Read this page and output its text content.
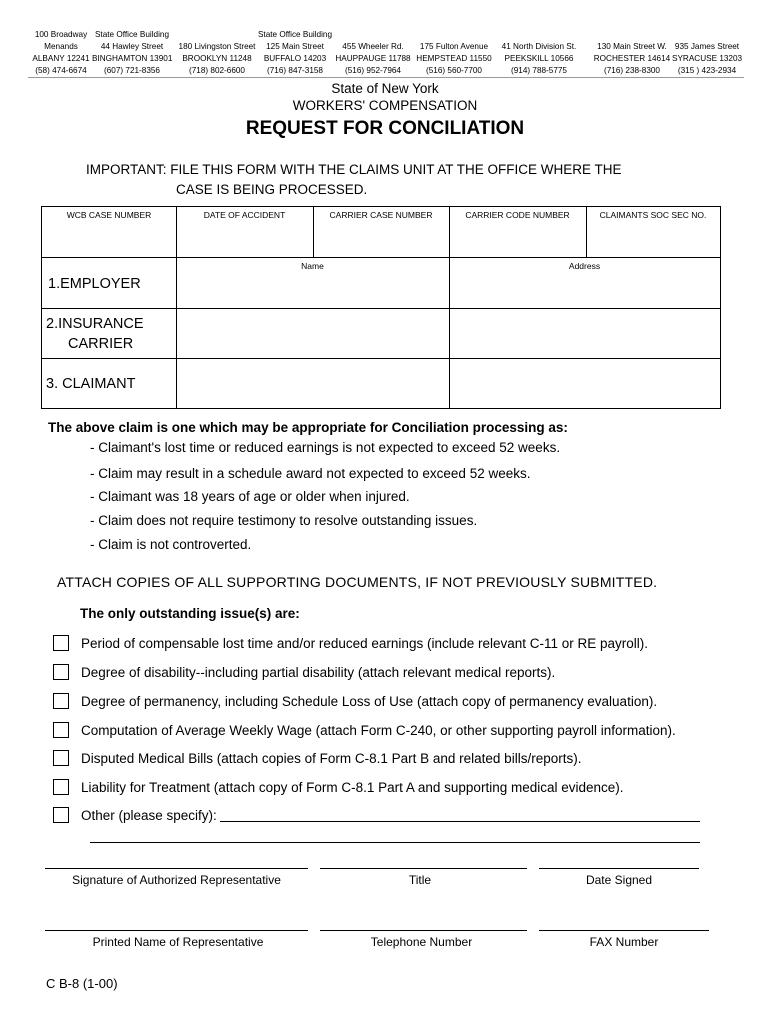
100 Broadway
Menands
ALBANY 12241
(58) 474-6674
State Office Building
44 Hawley Street
BINGHAMTON 13901
(607) 721-8356
180 Livingston Street
BROOKLYN 11248
(718) 802-6600
State Office Building
125 Main Street
BUFFALO 14203
(716) 847-3158
455 Wheeler Rd.
HAUPPAUGE 11788
(516) 952-7964
175 Fulton Avenue
HEMPSTEAD 11550
(516) 560-7700
41 North Division St.
PEEKSKILL 10566
(914) 788-5775
130 Main Street W.
ROCHESTER 14614
(716) 238-8300
935 James Street
SYRACUSE 13203
(315 ) 423-2934
State of New York
WORKERS' COMPENSATION
REQUEST FOR CONCILIATION
IMPORTANT: FILE THIS FORM WITH THE CLAIMS UNIT AT THE OFFICE WHERE THE
CASE IS BEING PROCESSED.
WCB CASE NUMBER	DATE OF ACCIDENT	CARRIER CASE NUMBER	CARRIER CODE NUMBER	CLAIMANTS SOC SEC NO.
Name	Address
1.EMPLOYER
2.INSURANCE
CARRIER
3. CLAIMANT
The above claim is one which may be appropriate for Conciliation processing as:
- Claimant's lost time or reduced earnings is not expected to exceed 52 weeks.
- Claim may result in a schedule award not expected to exceed 52 weeks.
- Claimant was 18 years of age or older when injured.
- Claim does not require testimony to resolve outstanding issues.
- Claim is not controverted.
ATTACH COPIES OF ALL SUPPORTING DOCUMENTS, IF NOT PREVIOUSLY SUBMITTED.
The only outstanding issue(s) are:
Period of compensable lost time and/or reduced earnings (include relevant C-11 or RE payroll).
Degree of disability--including partial disability (attach relevant medical reports).
Degree of permanency, including Schedule Loss of Use (attach copy of permanency evaluation).
Computation of Average Weekly Wage (attach Form C-240, or other supporting payroll information).
Disputed Medical Bills (attach copies of Form C-8.1 Part B and related bills/reports).
Liability for Treatment (attach copy of Form C-8.1 Part A and supporting medical evidence).
Other (please specify):
Signature of Authorized Representative	Title	Date Signed
Printed Name of Representative	Telephone Number	FAX Number
C B-8 (1-00)
